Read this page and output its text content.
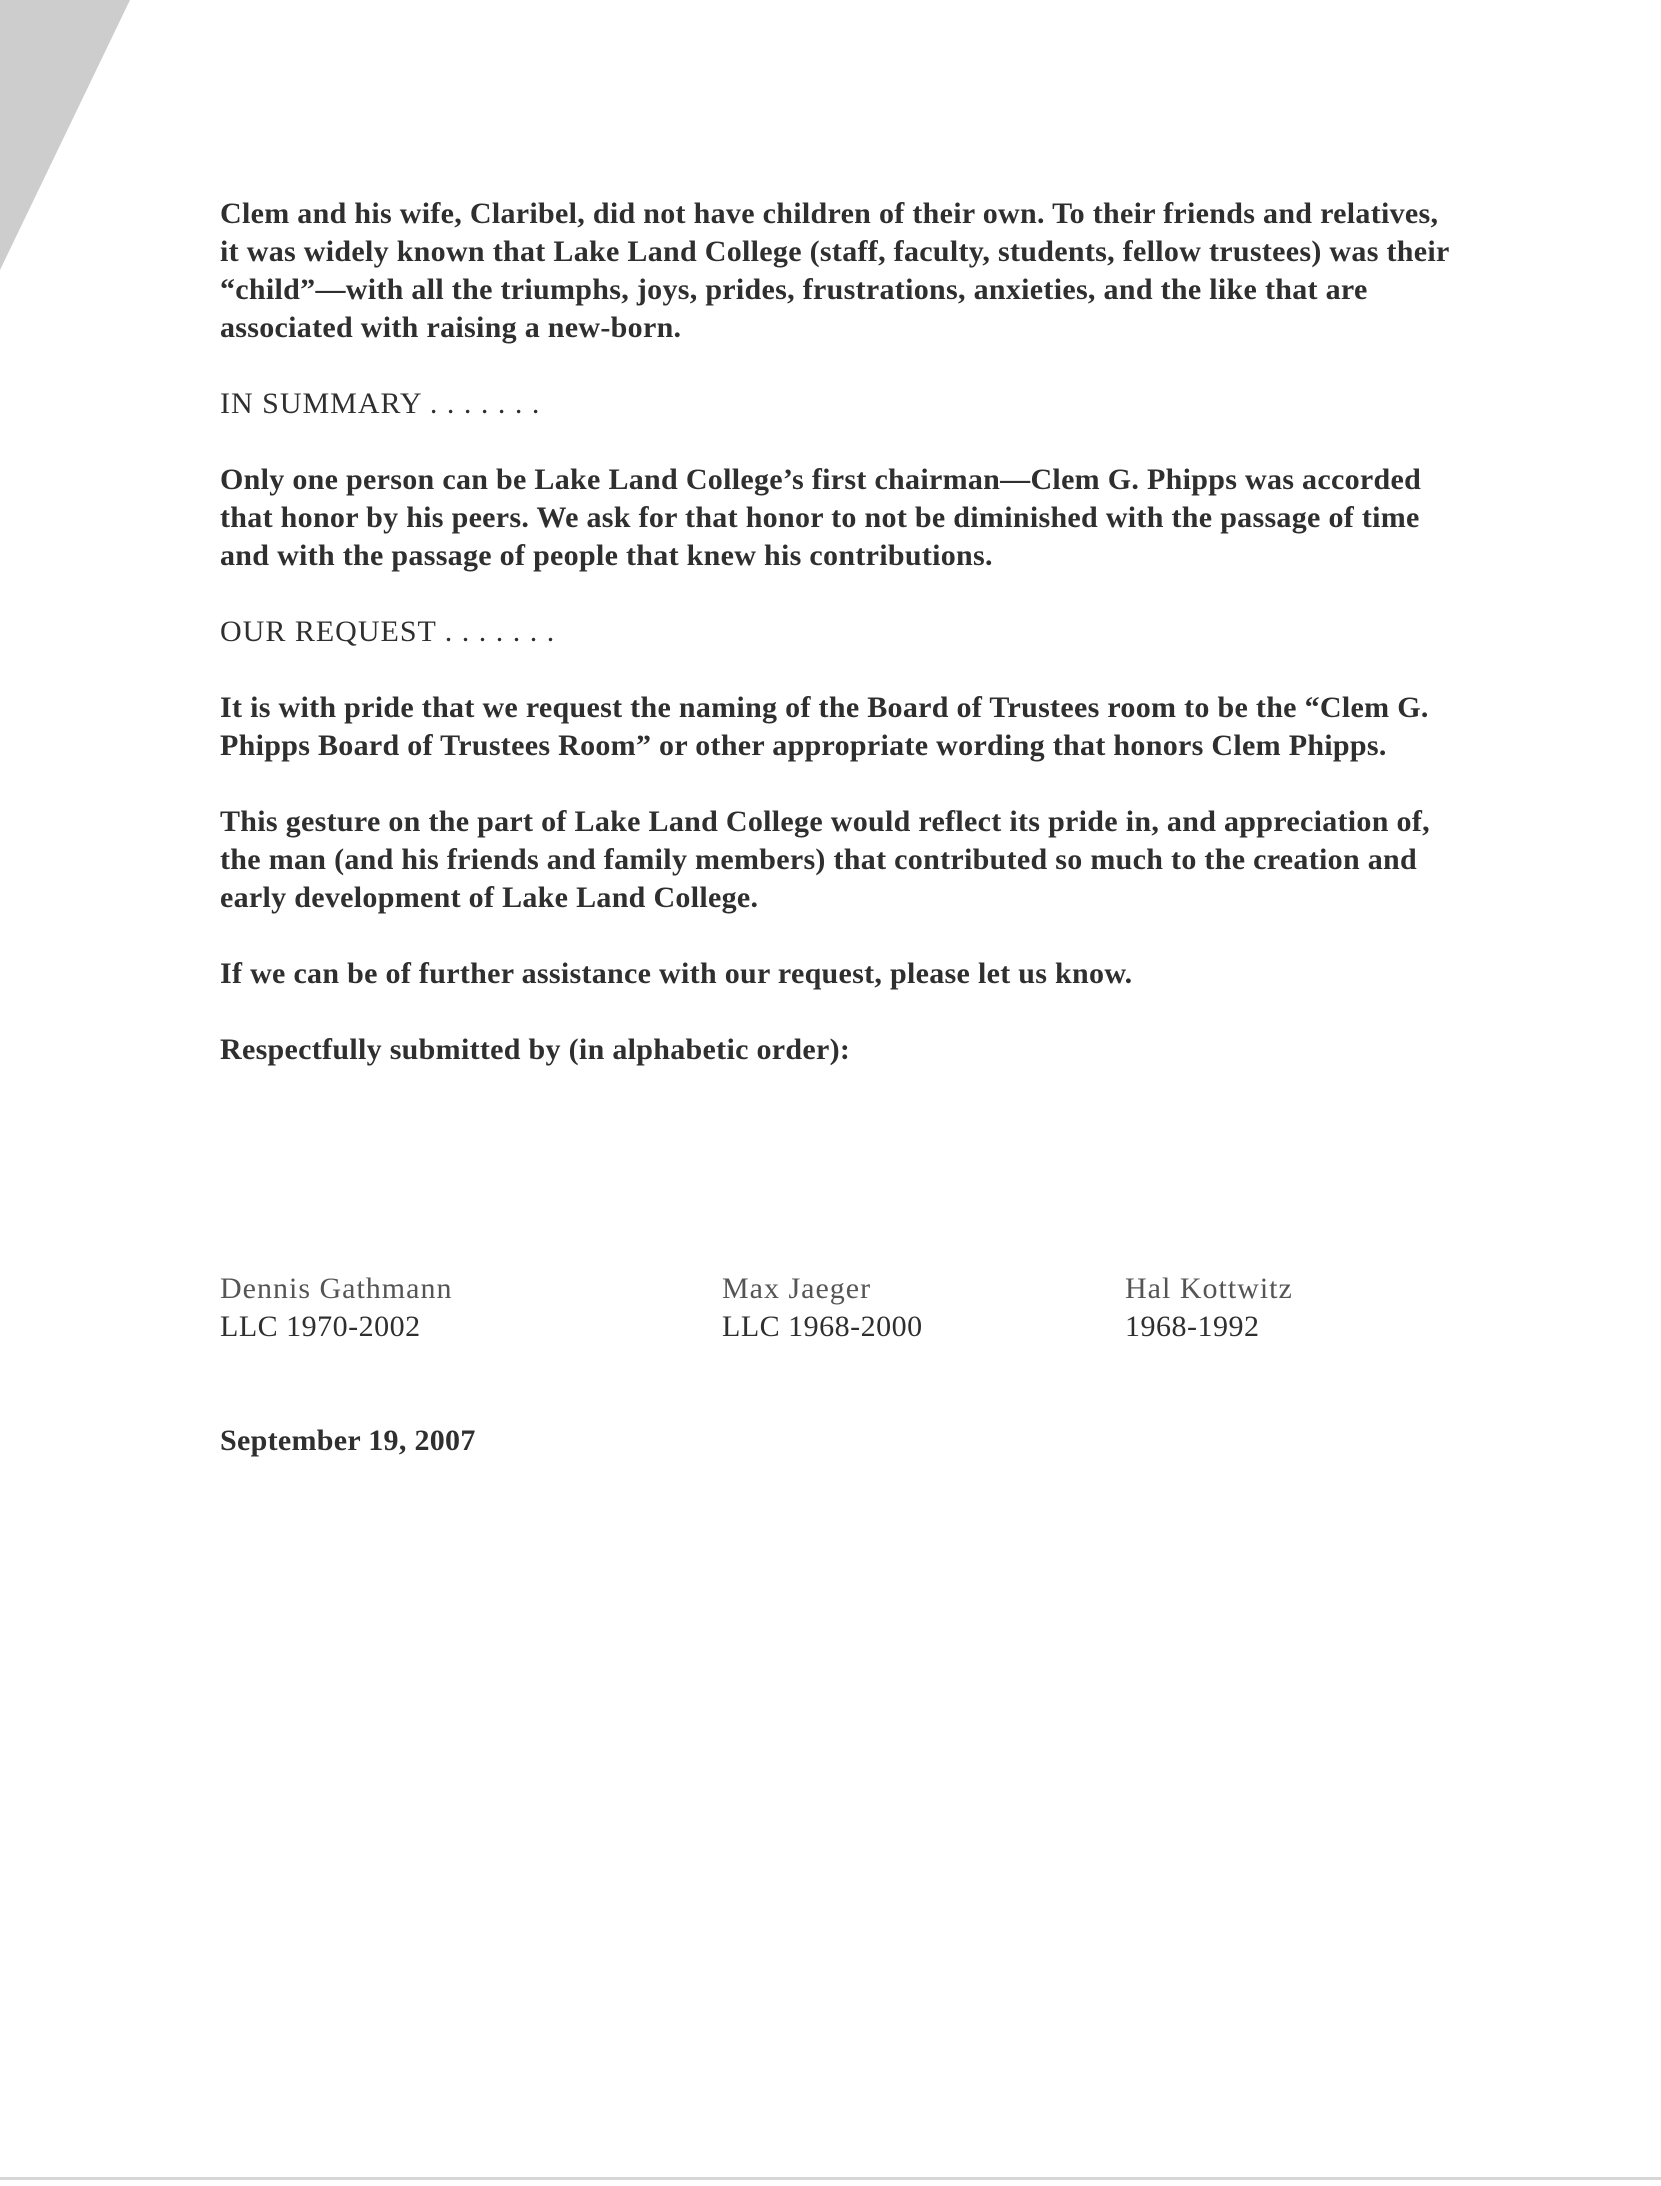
Clem and his wife, Claribel, did not have children of their own. To their friends and relatives, it was widely known that Lake Land College (staff, faculty, students, fellow trustees) was their “child”—with all the triumphs, joys, prides, frustrations, anxieties, and the like that are associated with raising a new-born.

IN SUMMARY . . . . . . .

Only one person can be Lake Land College’s first chairman—Clem G. Phipps was accorded that honor by his peers. We ask for that honor to not be diminished with the passage of time and with the passage of people that knew his contributions.

OUR REQUEST . . . . . . .

It is with pride that we request the naming of the Board of Trustees room to be the “Clem G. Phipps Board of Trustees Room” or other appropriate wording that honors Clem Phipps.

This gesture on the part of Lake Land College would reflect its pride in, and appreciation of, the man (and his friends and family members) that contributed so much to the creation and early development of Lake Land College.

If we can be of further assistance with our request, please let us know.

Respectfully submitted by (in alphabetic order):

Dennis Gathmann
LLC 1970-2002
Max Jaeger
LLC 1968-2000
Hal Kottwitz
1968-1992
September 19, 2007
